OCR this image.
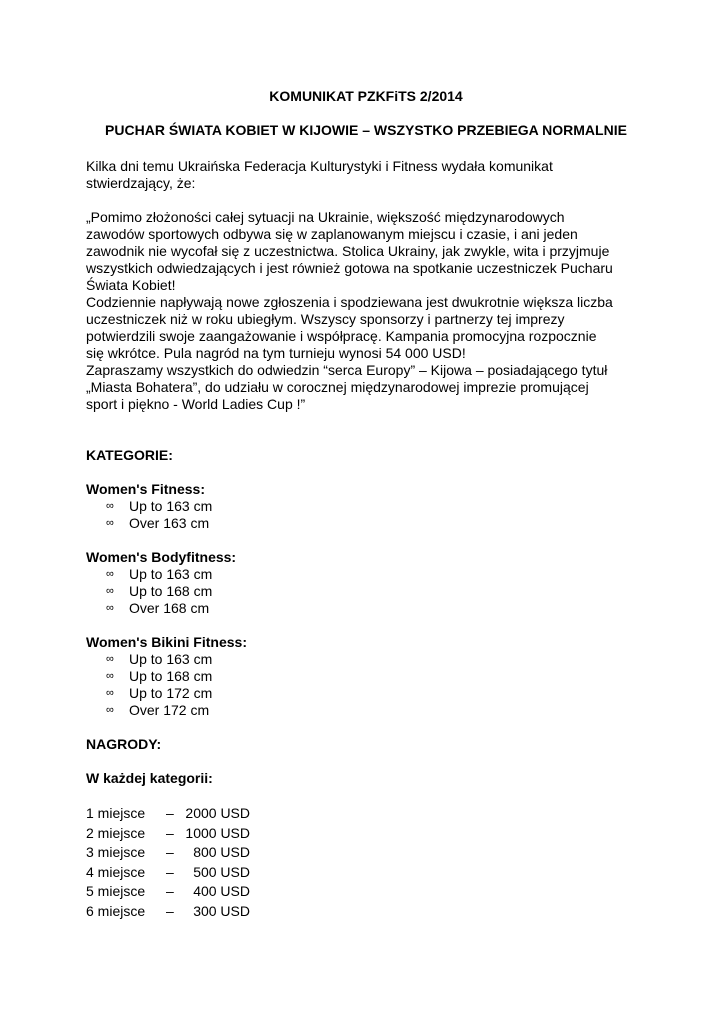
KOMUNIKAT PZKFiTS 2/2014
PUCHAR ŚWIATA KOBIET W KIJOWIE – WSZYSTKO PRZEBIEGA NORMALNIE
Kilka dni temu Ukraińska Federacja Kulturystyki i Fitness wydała komunikat
stwierdzający, że:
„Pomimo złożoności całej sytuacji na Ukrainie, większość międzynarodowych
zawodów sportowych odbywa się w zaplanowanym miejscu i czasie, i ani jeden
zawodnik nie wycofał się z uczestnictwa. Stolica Ukrainy, jak zwykle, wita i przyjmuje
wszystkich odwiedzających i jest również gotowa na spotkanie uczestniczek Pucharu
Świata Kobiet!
Codziennie napływają nowe zgłoszenia i spodziewana jest dwukrotnie większa liczba
uczestniczek niż w roku ubiegłym. Wszyscy sponsorzy i partnerzy tej imprezy
potwierdzili swoje zaangażowanie i współpracę. Kampania promocyjna rozpocznie
się wkrótce. Pula nagród na tym turnieju wynosi 54 000 USD!
Zapraszamy wszystkich do odwiedzin “serca Europy” – Kijowa – posiadającego tytuł
„Miasta Bohatera”, do udziału w corocznej międzynarodowej imprezie promującej
sport i piękno - World Ladies Cup !”
KATEGORIE:
Women's Fitness:
∞ Up to 163 cm
∞ Over 163 cm
Women's Bodyfitness:
∞ Up to 163 cm
∞ Up to 168 cm
∞ Over 168 cm
Women's Bikini Fitness:
∞ Up to 163 cm
∞ Up to 168 cm
∞ Up to 172 cm
∞ Over 172 cm
NAGRODY:
W każdej kategorii:
1 miejsce	– 2000 USD
2 miejsce	– 1000 USD
3 miejsce	–	800 USD
4 miejsce	–	500 USD
5 miejsce	–	400 USD
6 miejsce	–	300 USD
